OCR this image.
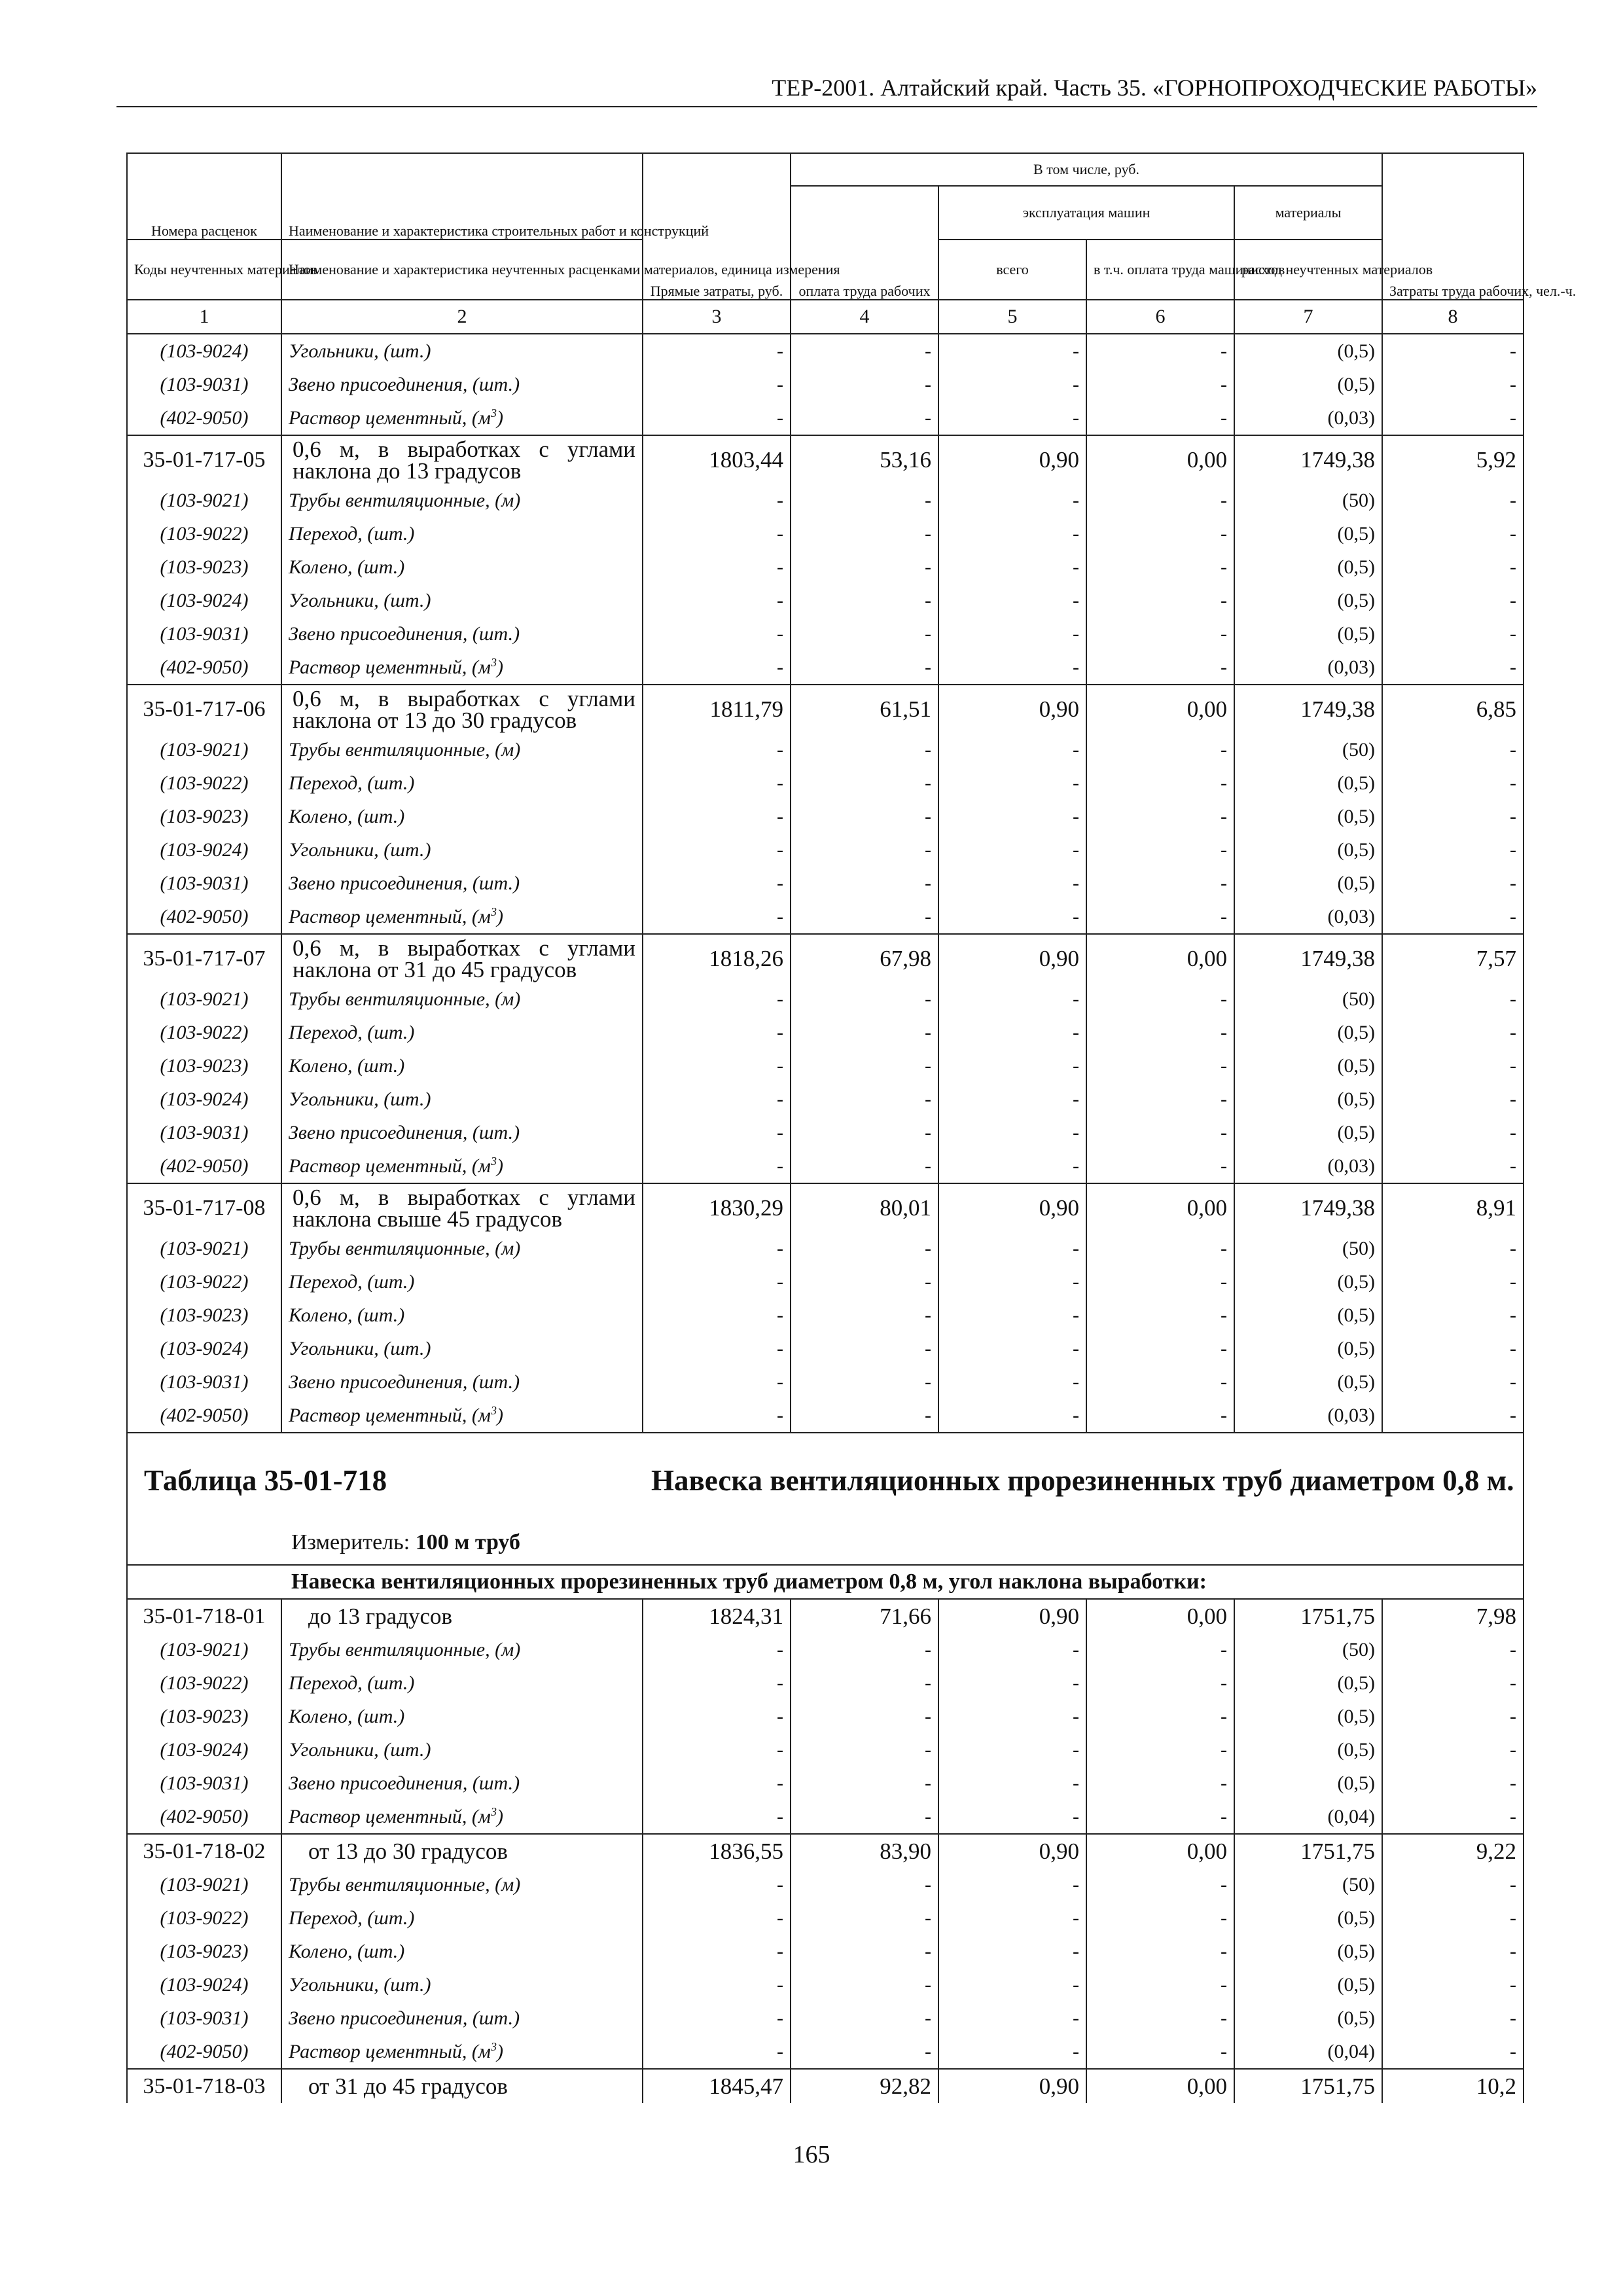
ТЕР-2001. Алтайский край. Часть 35. «ГОРНОПРОХОДЧЕСКИЕ РАБОТЫ»
Номера расценок	Наименование и характеристика строительных работ и конструкций	Прямые затраты, руб.	В том числе, руб.				Затраты труда рабочих, чел.-ч.
			оплата труда рабочих	эксплуатация машин		материалы	
Коды неучтенных материалов	Наименование и характеристика неучтенных расценками материалов, единица измерения			всего	в т.ч. оплата труда машинистов	расход неучтенных материалов	
1	2	3	4	5	6	7	8
(103-9024)	Угольники, (шт.)	-	-	-	-	(0,5)	-
(103-9031)	Звено присоединения, (шт.)	-	-	-	-	(0,5)	-
(402-9050)	Раствор цементный, $(м^3)$	-	-	-	-	(0,03)	-
35-01-717-05	0,6 м, в выработках с углами наклона до 13 градусов	1803,44	53,16	0,90	0,00	1749,38	5,92
(103-9021)	Трубы вентиляционные, (м)	-	-	-	-	(50)	-
(103-9022)	Переход, (шт.)	-	-	-	-	(0,5)	-
(103-9023)	Колено, (шт.)	-	-	-	-	(0,5)	-
(103-9024)	Угольники, (шт.)	-	-	-	-	(0,5)	-
(103-9031)	Звено присоединения, (шт.)	-	-	-	-	(0,5)	-
(402-9050)	Раствор цементный, $(м^3)$	-	-	-	-	(0,03)	-
35-01-717-06	0,6 м, в выработках с углами наклона от 13 до 30 градусов	1811,79	61,51	0,90	0,00	1749,38	6,85
(103-9021)	Трубы вентиляционные, (м)	-	-	-	-	(50)	-
(103-9022)	Переход, (шт.)	-	-	-	-	(0,5)	-
(103-9023)	Колено, (шт.)	-	-	-	-	(0,5)	-
(103-9024)	Угольники, (шт.)	-	-	-	-	(0,5)	-
(103-9031)	Звено присоединения, (шт.)	-	-	-	-	(0,5)	-
(402-9050)	Раствор цементный, $(м^3)$	-	-	-	-	(0,03)	-
35-01-717-07	0,6 м, в выработках с углами наклона от 31 до 45 градусов	1818,26	67,98	0,90	0,00	1749,38	7,57
(103-9021)	Трубы вентиляционные, (м)	-	-	-	-	(50)	-
(103-9022)	Переход, (шт.)	-	-	-	-	(0,5)	-
(103-9023)	Колено, (шт.)	-	-	-	-	(0,5)	-
(103-9024)	Угольники, (шт.)	-	-	-	-	(0,5)	-
(103-9031)	Звено присоединения, (шт.)	-	-	-	-	(0,5)	-
(402-9050)	Раствор цементный, $(м^3)$	-	-	-	-	(0,03)	-
35-01-717-08	0,6 м, в выработках с углами наклона свыше 45 градусов	1830,29	80,01	0,90	0,00	1749,38	8,91
(103-9021)	Трубы вентиляционные, (м)	-	-	-	-	(50)	-
(103-9022)	Переход, (шт.)	-	-	-	-	(0,5)	-
(103-9023)	Колено, (шт.)	-	-	-	-	(0,5)	-
(103-9024)	Угольники, (шт.)	-	-	-	-	(0,5)	-
(103-9031)	Звено присоединения, (шт.)	-	-	-	-	(0,5)	-
(402-9050)	Раствор цементный, $(м^3)$	-	-	-	-	(0,03)	-

Таблица 35-01-718 Навеска вентиляционных прорезиненных труб диаметром 0,8 м.
Измеритель: 100 м труб							

Навеска вентиляционных прорезиненных труб диаметром 0,8 м, угол наклона выработки:							
35-01-718-01	до 13 градусов	1824,31	71,66	0,90	0,00	1751,75	7,98
(103-9021)	Трубы вентиляционные, (м)	-	-	-	-	(50)	-
(103-9022)	Переход, (шт.)	-	-	-	-	(0,5)	-
(103-9023)	Колено, (шт.)	-	-	-	-	(0,5)	-
(103-9024)	Угольники, (шт.)	-	-	-	-	(0,5)	-
(103-9031)	Звено присоединения, (шт.)	-	-	-	-	(0,5)	-
(402-9050)	Раствор цементный, $(м^3)$	-	-	-	-	(0,04)	-
35-01-718-02	от 13 до 30 градусов	1836,55	83,90	0,90	0,00	1751,75	9,22
(103-9021)	Трубы вентиляционные, (м)	-	-	-	-	(50)	-
(103-9022)	Переход, (шт.)	-	-	-	-	(0,5)	-
(103-9023)	Колено, (шт.)	-	-	-	-	(0,5)	-
(103-9024)	Угольники, (шт.)	-	-	-	-	(0,5)	-
(103-9031)	Звено присоединения, (шт.)	-	-	-	-	(0,5)	-
(402-9050)	Раствор цементный, $(м^3)$	-	-	-	-	(0,04)	-
35-01-718-03	от 31 до 45 градусов	1845,47	92,82	0,90	0,00	1751,75	10,2
165
